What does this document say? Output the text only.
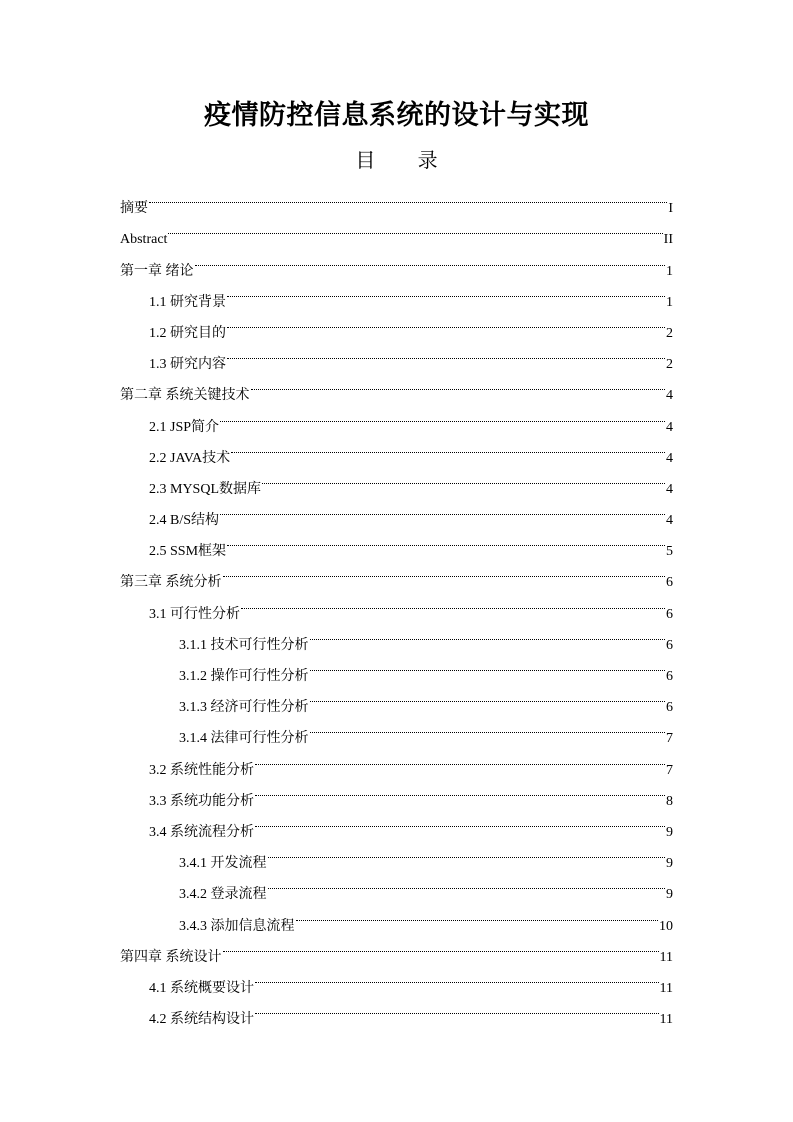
疫情防控信息系统的设计与实现
目 录
摘要	I
Abstract	II
第一章 绪论	1
1.1 研究背景	1
1.2 研究目的	2
1.3 研究内容	2
第二章 系统关键技术	4
2.1 JSP简介	4
2.2 JAVA技术	4
2.3 MYSQL数据库	4
2.4 B/S结构	4
2.5 SSM框架	5
第三章 系统分析	6
3.1 可行性分析	6
3.1.1 技术可行性分析	6
3.1.2 操作可行性分析	6
3.1.3 经济可行性分析	6
3.1.4 法律可行性分析	7
3.2 系统性能分析	7
3.3 系统功能分析	8
3.4 系统流程分析	9
3.4.1 开发流程	9
3.4.2 登录流程	9
3.4.3 添加信息流程	10
第四章 系统设计	11
4.1 系统概要设计	11
4.2 系统结构设计	11
